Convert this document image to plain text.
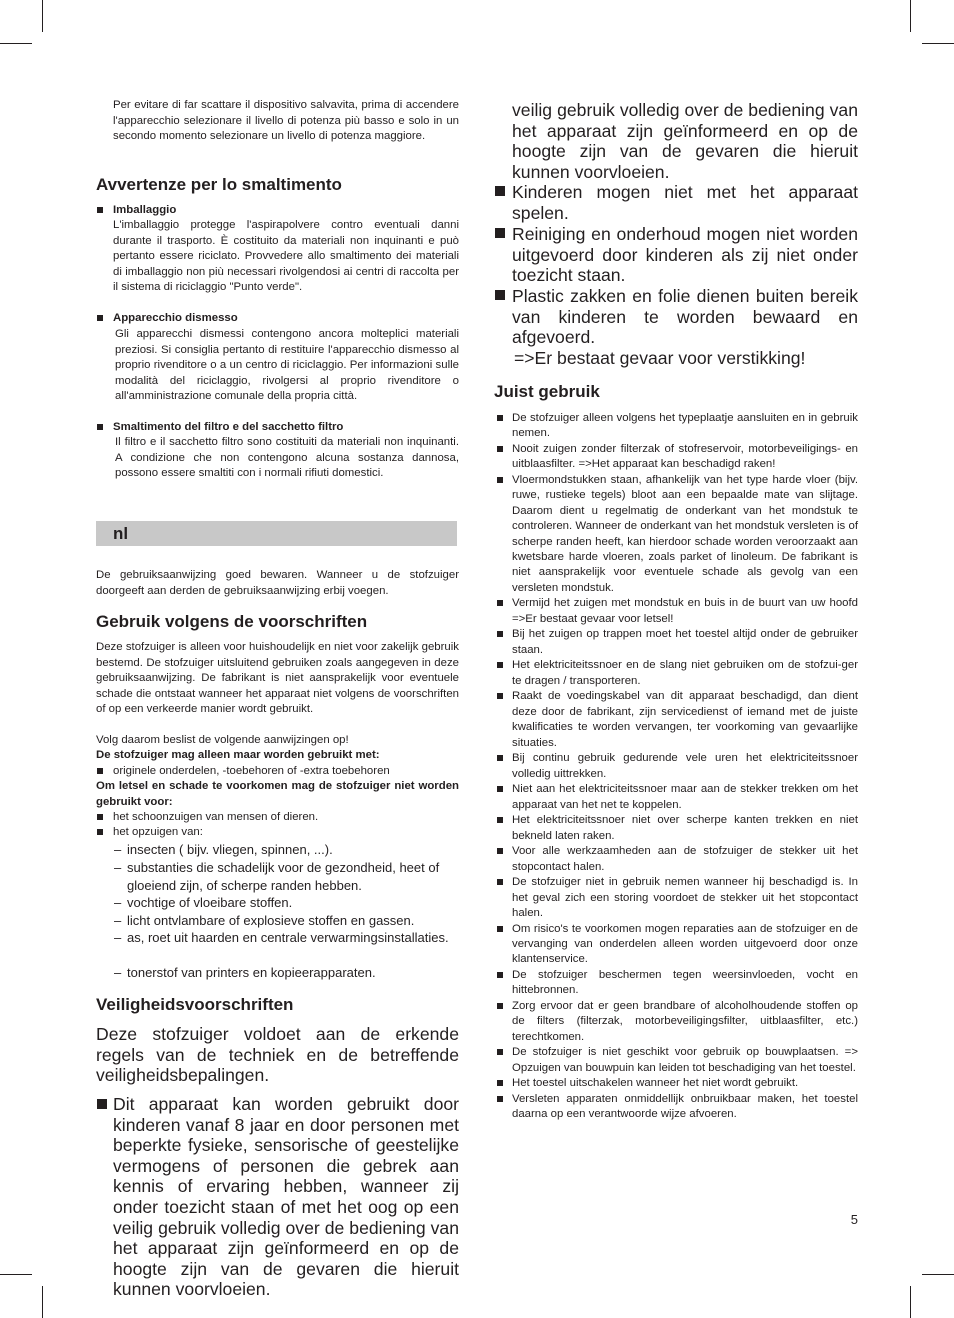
Per evitare di far scattare il dispositivo salvavita, prima di accendere l'apparecchio selezionare il livello di potenza più basso e solo in un secondo momento selezionare un livello di potenza maggiore.

Avvertenze per lo smaltimento
Imballaggio

L'imballaggio protegge l'aspirapolvere contro eventuali danni durante il trasporto. È costituito da materiali non inquinanti e può pertanto essere riciclato. Provvedere allo smaltimento dei materiali di imballaggio non più necessari rivolgendosi ai centri di raccolta per il sistema di riciclaggio "Punto verde".

Apparecchio dismesso

Gli apparecchi dismessi contengono ancora molteplici materiali preziosi. Si consiglia pertanto di restituire l'apparecchio dismesso al proprio rivenditore o a un centro di riciclaggio. Per informazioni sulle modalità del riciclaggio, rivolgersi al proprio rivenditore o all'amministrazione comunale della propria città.

Smaltimento del filtro e del sacchetto filtro

Il filtro e il sacchetto filtro sono costituiti da materiali non inquinanti. A condizione che non contengono alcuna sostanza dannosa, possono essere smaltiti con i normali rifiuti domestici.

nl

De gebruiksaanwijzing goed bewaren. Wanneer u de stofzuiger doorgeeft aan derden de gebruiksaanwijzing erbij voegen.

Gebruik volgens de voorschriften

Deze stofzuiger is alleen voor huishoudelijk en niet voor zakelijk gebruik bestemd. De stofzuiger uitsluitend gebruiken zoals aangegeven in deze gebruiksaanwijzing. De fabrikant is niet aansprakelijk voor eventuele schade die ontstaat wanneer het apparaat niet volgens de voorschriften of op een verkeerde manier wordt gebruikt.

Volg daarom beslist de volgende aanwijzingen op!

De stofzuiger mag alleen maar worden gebruikt met:

originele onderdelen, -toebehoren of -extra toebehoren

Om letsel en schade te voorkomen mag de stofzuiger niet worden gebruikt voor:

het schoonzuigen van mensen of dieren.

het opzuigen van:

– insecten ( bijv. vliegen, spinnen, ...).

– substanties die schadelijk voor de gezondheid, heet of gloeiend zijn, of scherpe randen hebben.

– vochtige of vloeibare stoffen.

– licht ontvlambare of explosieve stoffen en gassen.

– as, roet uit haarden en centrale verwarmingsinstallaties.

– tonerstof van printers en kopieerapparaten.

Veiligheidsvoorschriften

Deze stofzuiger voldoet aan de erkende regels van de techniek en de betreffende veiligheidsbepalingen.

Dit apparaat kan worden gebruikt door kinderen vanaf 8 jaar en door personen met beperkte fysieke, sensorische of geestelijke vermogens of personen die gebrek aan kennis of ervaring hebben, wanneer zij onder toezicht staan of met het oog op een veilig gebruik volledig over de bediening van het apparaat zijn geïnformeerd en op de hoogte zijn van de gevaren die hieruit kunnen voorvloeien.

veilig gebruik volledig over de bediening van het apparaat zijn geïnformeerd en op de hoogte zijn van de gevaren die hieruit kunnen voorvloeien.

Kinderen mogen niet met het apparaat spelen.

Reiniging en onderhoud mogen niet worden uitgevoerd door kinderen als zij niet onder toezicht staan.

Plastic zakken en folie dienen buiten bereik van kinderen te worden bewaard en afgevoerd.

=>Er bestaat gevaar voor verstikking!

Juist gebruik

De stofzuiger alleen volgens het typeplaatje aansluiten en in gebruik nemen.

Nooit zuigen zonder filterzak of stofreservoir, motorbeveiligings- en uitblaasfilter. =>Het apparaat kan beschadigd raken!

Vloermondstukken staan, afhankelijk van het type harde vloer (bijv. ruwe, rustieke tegels) bloot aan een bepaalde mate van slijtage. Daarom dient u regelmatig de onderkant van het mondstuk te controleren. Wanneer de onderkant van het mondstuk versleten is of scherpe randen heeft, kan hierdoor schade worden veroorzaakt aan kwetsbare harde vloeren, zoals parket of linoleum. De fabrikant is niet aansprakelijk voor eventuele schade als gevolg van een versleten mondstuk.

Vermijd het zuigen met mondstuk en buis in de buurt van uw hoofd =>Er bestaat gevaar voor letsel!

Bij het zuigen op trappen moet het toestel altijd onder de gebruiker staan.

Het elektriciteitssnoer en de slang niet gebruiken om de stofzui-ger te dragen / transporteren.

Raakt de voedingskabel van dit apparaat beschadigd, dan dient deze door de fabrikant, zijn servicedienst of iemand met de juiste kwalificaties te worden vervangen, ter voorkoming van gevaarlijke situaties.

Bij continu gebruik gedurende vele uren het elektriciteitssnoer volledig uittrekken.

Niet aan het elektriciteitssnoer maar aan de stekker trekken om het apparaat van het net te koppelen.

Het elektriciteitssnoer niet over scherpe kanten trekken en niet bekneld laten raken.

Voor alle werkzaamheden aan de stofzuiger de stekker uit het stopcontact halen.

De stofzuiger niet in gebruik nemen wanneer hij beschadigd is. In het geval zich een storing voordoet de stekker uit het stopcontact halen.

Om risico's te voorkomen mogen reparaties aan de stofzuiger en de vervanging van onderdelen alleen worden uitgevoerd door onze klantenservice.

De stofzuiger beschermen tegen weersinvloeden, vocht en hittebronnen.

Zorg ervoor dat er geen brandbare of alcoholhoudende stoffen op de filters (filterzak, motorbeveiligingsfilter, uitblaasfilter, etc.) terechtkomen.

De stofzuiger is niet geschikt voor gebruik op bouwplaatsen. => Opzuigen van bouwpuin kan leiden tot beschadiging van het toestel.

Het toestel uitschakelen wanneer het niet wordt gebruikt.

Versleten apparaten onmiddellijk onbruikbaar maken, het toestel daarna op een verantwoorde wijze afvoeren.

5
